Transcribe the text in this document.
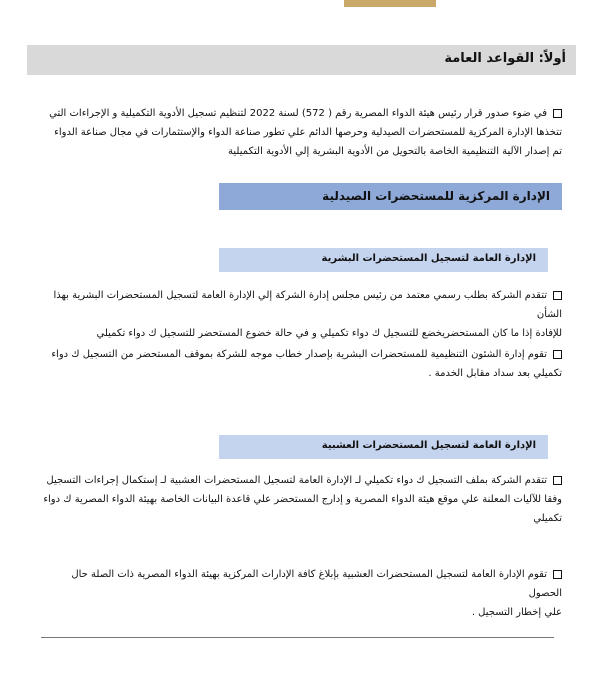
أولاً: القواعد العامة

في ضوء صدور قرار رئيس هيئة الدواء المصرية رقم ( 572) لسنة 2022 لتنظيم تسجيل الأدوية التكميلية و الإجراءات التي
تتخذها الإدارة المركزية للمستحضرات الصيدلية وحرصها الدائم علي تطور صناعة الدواء والإستثمارات في مجال صناعة الدواء
تم إصدار الآلية التنظيمية الخاصة بالتحويل من الأدوية البشرية إلي الأدوية التكميلية

الإدارة المركزية للمستحضرات الصيدلية
الإدارة العامة لتسجيل المستحضرات البشرية

تتقدم الشركة بطلب رسمي معتمد من رئيس مجلس إدارة الشركة إلي الإدارة العامة لتسجيل المستحضرات البشرية بهذا الشأن
للإفادة إذا ما كان المستحضريخضع للتسجيل ك دواء تكميلي و في حالة خضوع المستحضر للتسجيل ك دواء تكميلي

تقوم إدارة الشئون التنظيمية للمستحضرات البشرية بإصدار خطاب موجه للشركة بموقف المستحضر من التسجيل ك دواء
تكميلي بعد سداد مقابل الخدمة .

الإدارة العامة لتسجيل المستحضرات العشبية

تتقدم الشركة بملف التسجيل ك دواء تكميلي لـ الإدارة العامة لتسجيل المستحضرات العشبية لـ إستكمال إجراءات التسجيل
وفقا للآليات المعلنة علي موقع هيئة الدواء المصرية و إدارج المستحضر علي قاعدة البيانات الخاصة بهيئة الدواء المصرية ك دواء
تكميلي

تقوم الإدارة العامة لتسجيل المستحضرات العشبية بإبلاغ كافة الإدارات المركزية بهيئة الدواء المصرية ذات الصلة حال الحصول
علي إخطار التسجيل .
